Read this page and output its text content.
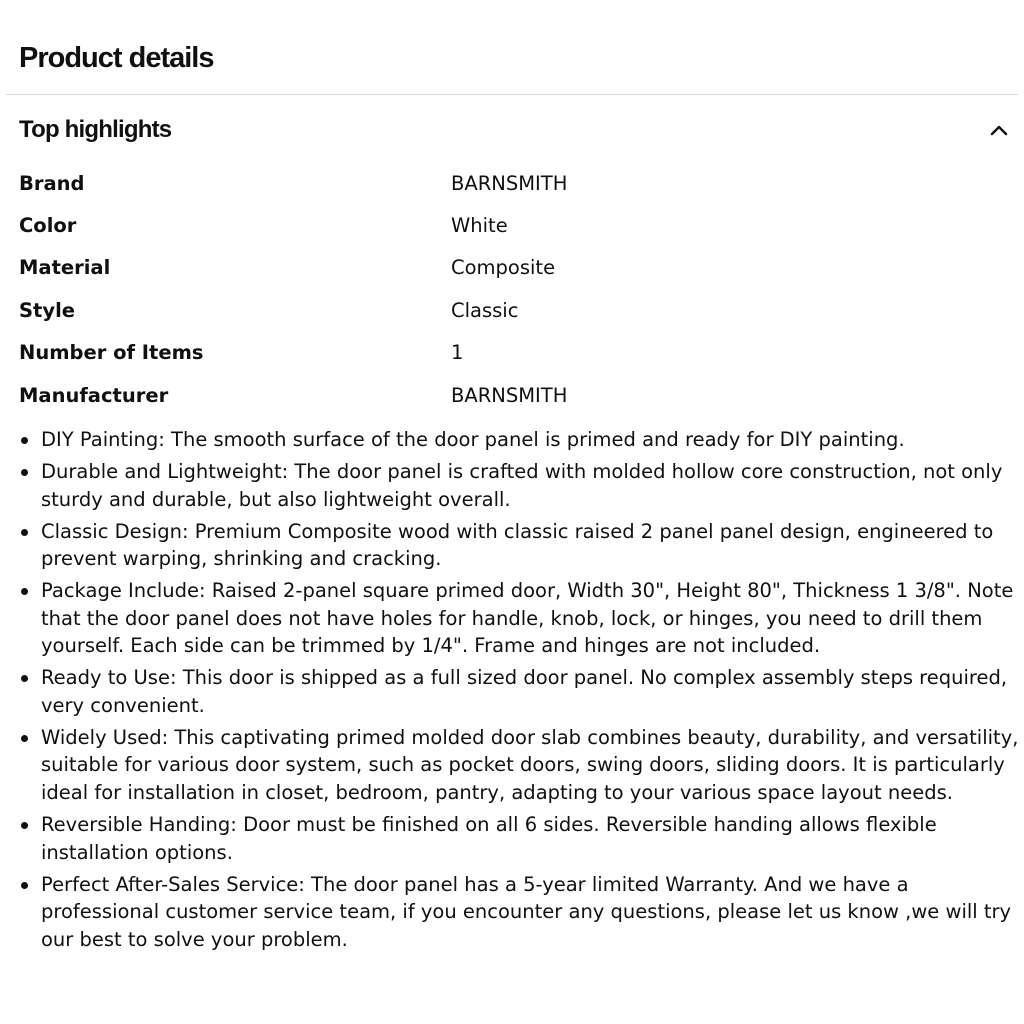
Product details
Top highlights
Brand	BARNSMITH
Color	White
Material	Composite
Style	Classic
Number of Items	1
Manufacturer	BARNSMITH
DIY Painting: The smooth surface of the door panel is primed and ready for DIY painting.
Durable and Lightweight: The door panel is crafted with molded hollow core construction, not only sturdy and durable, but also lightweight overall.
Classic Design: Premium Composite wood with classic raised 2 panel panel design, engineered to prevent warping, shrinking and cracking.
Package Include: Raised 2-panel square primed door, Width 30", Height 80", Thickness 1 3/8". Note that the door panel does not have holes for handle, knob, lock, or hinges, you need to drill them yourself. Each side can be trimmed by 1/4". Frame and hinges are not included.
Ready to Use: This door is shipped as a full sized door panel. No complex assembly steps required, very convenient.
Widely Used: This captivating primed molded door slab combines beauty, durability, and versatility, suitable for various door system, such as pocket doors, swing doors, sliding doors. It is particularly ideal for installation in closet, bedroom, pantry, adapting to your various space layout needs.
Reversible Handing: Door must be finished on all 6 sides. Reversible handing allows flexible installation options.
Perfect After-Sales Service: The door panel has a 5-year limited Warranty. And we have a professional customer service team, if you encounter any questions, please let us know ,we will try our best to solve your problem.
